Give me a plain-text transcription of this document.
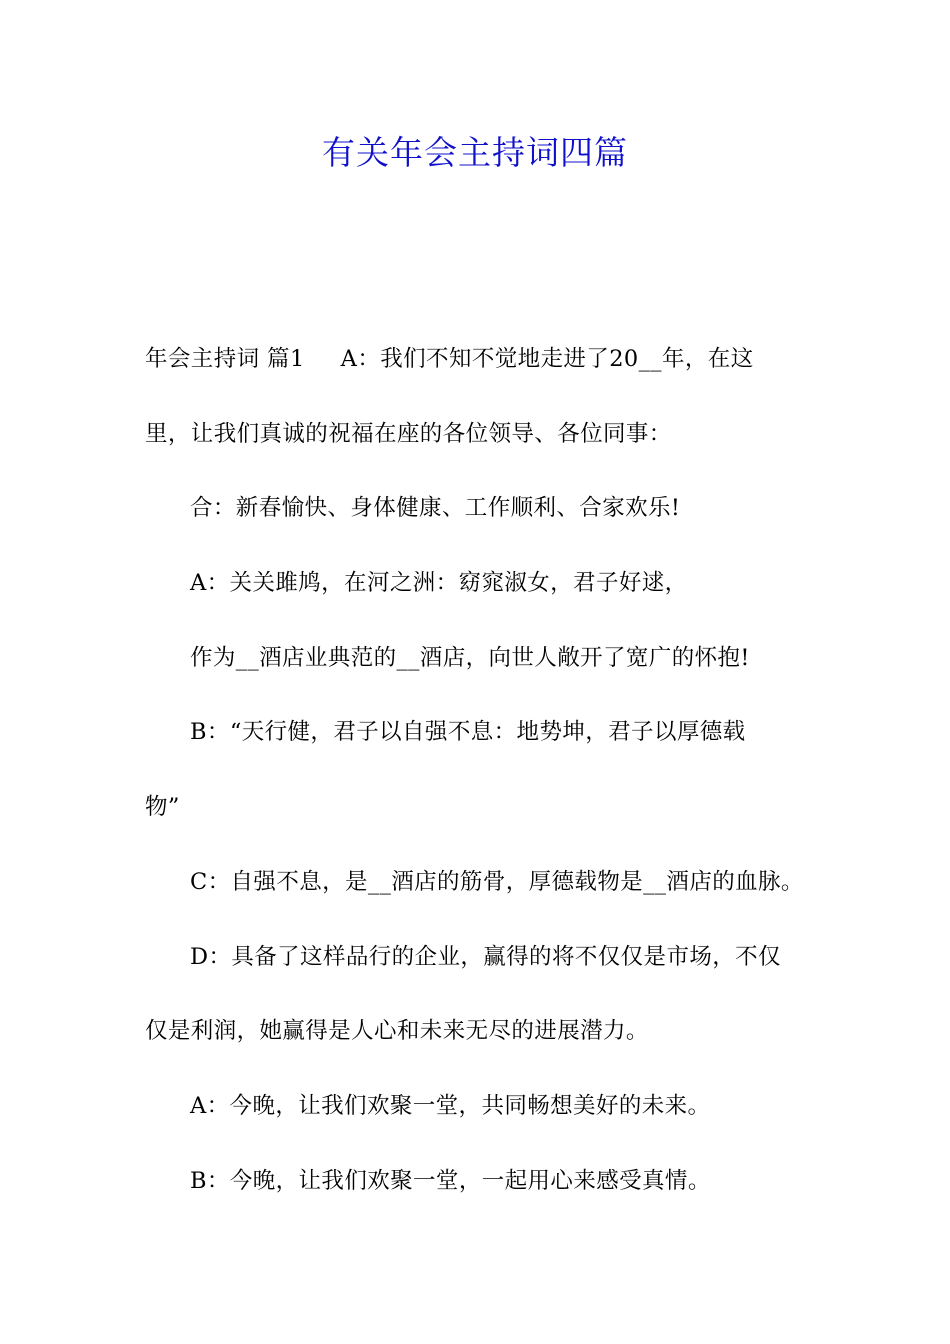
有关年会主持词四篇
年会主持词 篇1 A：我们不知不觉地走进了20__年，在这
里，让我们真诚的祝福在座的各位领导、各位同事：
合：新春愉快、身体健康、工作顺利、合家欢乐!
A：关关雎鸠，在河之洲：窈窕淑女，君子好逑，
作为__酒店业典范的__酒店，向世人敞开了宽广的怀抱!
B：“天行健，君子以自强不息：地势坤，君子以厚德载
物”
C：自强不息，是__酒店的筋骨，厚德载物是__酒店的血脉。
D：具备了这样品行的企业，赢得的将不仅仅是市场，不仅
仅是利润，她赢得是人心和未来无尽的进展潜力。
A：今晚，让我们欢聚一堂，共同畅想美好的未来。
B：今晚，让我们欢聚一堂，一起用心来感受真情。
